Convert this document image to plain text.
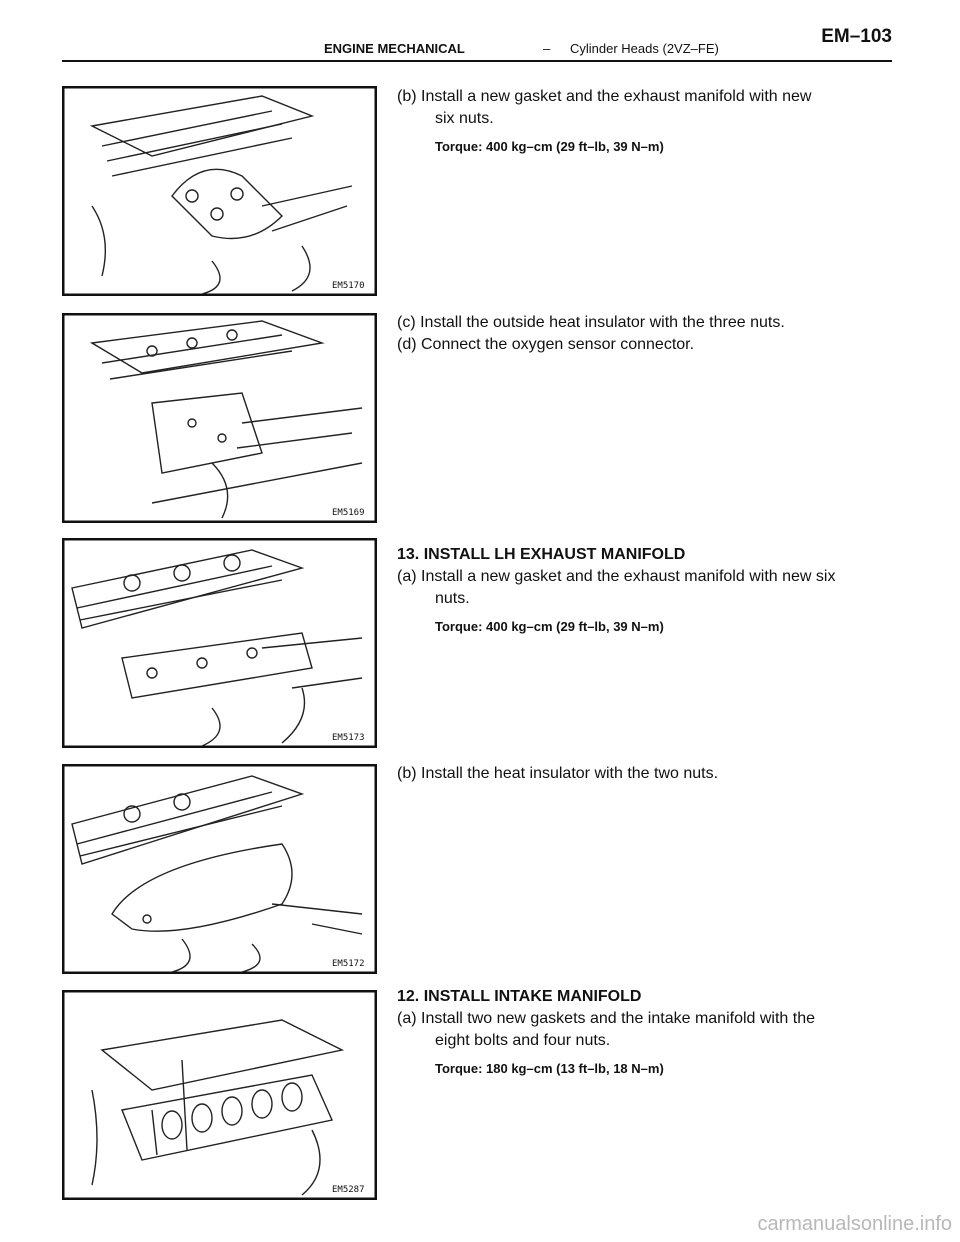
ENGINE MECHANICAL	– Cylinder Heads (2VZ–FE)
EM–103
EM5170

(b) Install a new gasket and the exhaust manifold with new

six nuts.

Torque: 400 kg–cm (29 ft–lb, 39 N–m)

EM5169

(c) Install the outside heat insulator with the three nuts.

(d) Connect the oxygen sensor connector.

EM5173

13. INSTALL LH EXHAUST MANIFOLD

(a) Install a new gasket and the exhaust manifold with new six

nuts.

Torque: 400 kg–cm (29 ft–lb, 39 N–m)

EM5172

(b) Install the heat insulator with the two nuts.

EM5287

12. INSTALL INTAKE MANIFOLD

(a) Install two new gaskets and the intake manifold with the

eight bolts and four nuts.

Torque: 180 kg–cm (13 ft–lb, 18 N–m)

carmanualsonline.info
